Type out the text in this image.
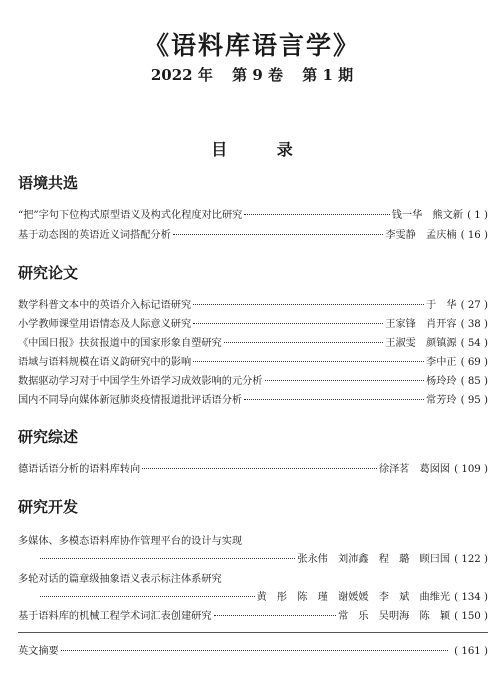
《语料库语言学》
2022 年 第 9 卷 第 1 期
目 录
语境共选
“把”字句下位构式原型语义及构式化程度对比研究	钱一华　熊文新 ( 1 )
基于动态图的英语近义词搭配分析	李雯静　孟庆楠 ( 16 )
研究论文
数学科普文本中的英语介入标记语研究	于　华 ( 27 )
小学教师课堂用语情态及人际意义研究	王家锋　肖开容 ( 38 )
《中国日报》扶贫报道中的国家形象自塑研究	王淑雯　颜镇源 ( 54 )
语域与语料规模在语义韵研究中的影响	李中正 ( 69 )
数据驱动学习对于中国学生外语学习成效影响的元分析	杨玲玲 ( 85 )
国内不同导向媒体新冠肺炎疫情报道批评话语分析	常芳玲 ( 95 )
研究综述
德语话语分析的语料库转向	徐泽茗　葛囡囡 ( 109 )
研究开发
多媒体、多模态语料库协作管理平台的设计与实现
张永伟　刘沛鑫　程　璐　顾曰国 ( 122 )
多轮对话的篇章级抽象语义表示标注体系研究
黄　彤　陈　瑾　谢媛媛　李　斌　曲维光 ( 134 )
基于语料库的机械工程学术词汇表创建研究	常　乐　吴明海　陈　颖 ( 150 )
英文摘要	( 161 )
